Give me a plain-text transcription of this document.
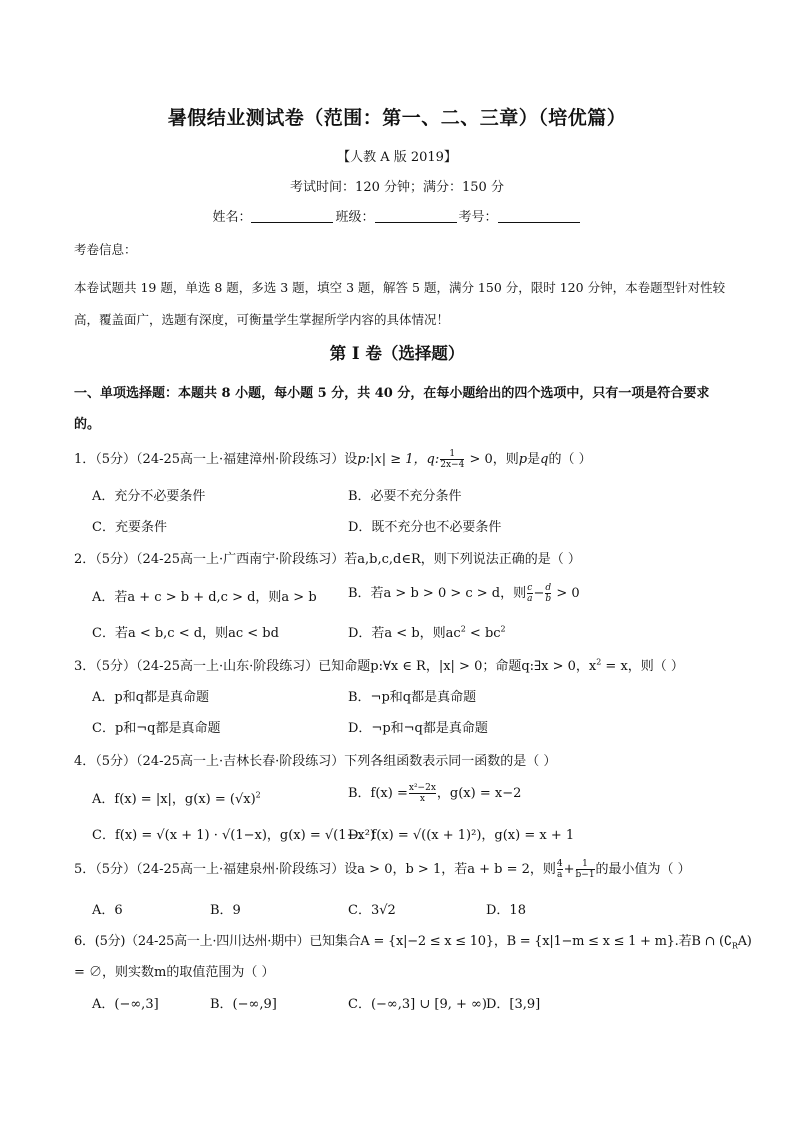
暑假结业测试卷（范围：第一、二、三章）（培优篇）
【人教 A 版 2019】
考试时间：120 分钟；满分：150 分
姓名：	班级：	考号：
考卷信息：
本卷试题共 19 题，单选 8 题，多选 3 题，填空 3 题，解答 5 题，满分 150 分，限时 120 分钟，本卷题型针对性较高，覆盖面广，选题有深度，可衡量学生掌握所学内容的具体情况！
第 I 卷（选择题）
一、单项选择题：本题共 8 小题，每小题 5 分，共 40 分，在每小题给出的四个选项中，只有一项是符合要求的。
1．（5分）（24-25高一上·福建漳州·阶段练习）设p:|x| ≥ 1，q: $\frac{1}{2x-4} > 0$，则p是q的（ ）
A．充分不必要条件	B．必要不充分条件
C．充要条件	D．既不充分也不必要条件
2．（5分）（24-25高一上·广西南宁·阶段练习）若a,b,c,d∈R，则下列说法正确的是（ ）
A．若a + c > b + d,c > d，则a > b B．若a > b > 0 > c > d，则 $\frac{c}{a} - \frac{d}{b} > 0$
C．若a < b,c < d，则ac < bd	D．若a < b，则$ac^2 < bc^2$
3．（5分）（24-25高一上·山东·阶段练习）已知命题p:∀x ∈ R，|x| > 0；命题q:∃x > 0，$x^2 = x$，则（ ）
A．p和q都是真命题	B．¬p和q都是真命题
C．p和¬q都是真命题	D．¬p和¬q都是真命题
4．（5分）（24-25高一上·吉林长春·阶段练习）下列各组函数表示同一函数的是（ ）
A．f(x) = |x|，$g(x) = (√x)^2$	B．$f(x) = \frac{\text{x²−2x}}{x}$ ，g(x) = x−2
C．f(x) = √(x + 1) · √(1−x)，g(x) = √(1−x²)
D．f(x) = √((x + 1)²)，g(x) = x + 1
5．（5分）（24-25高一上·福建泉州·阶段练习）设a > 0，b > 1，若a + b = 2，则 $\frac{4}{a} + \frac{1}{b-1}$ 的最小值为（ ）
A．6	B．9	C．3√2	D．18
6．(5分)（24-25高一上·四川达州·期中）已知集合A = {x|−2 ≤ x ≤ 10}，B = {x|1−m ≤ x ≤ 1 + m}.若B ∩ $(∁_RA)$
= ∅，则实数m的取值范围为（ ）
A．(−∞,3]	B．(−∞,9]	C．(−∞,3] ∪ [9, + ∞) D．[3,9]
